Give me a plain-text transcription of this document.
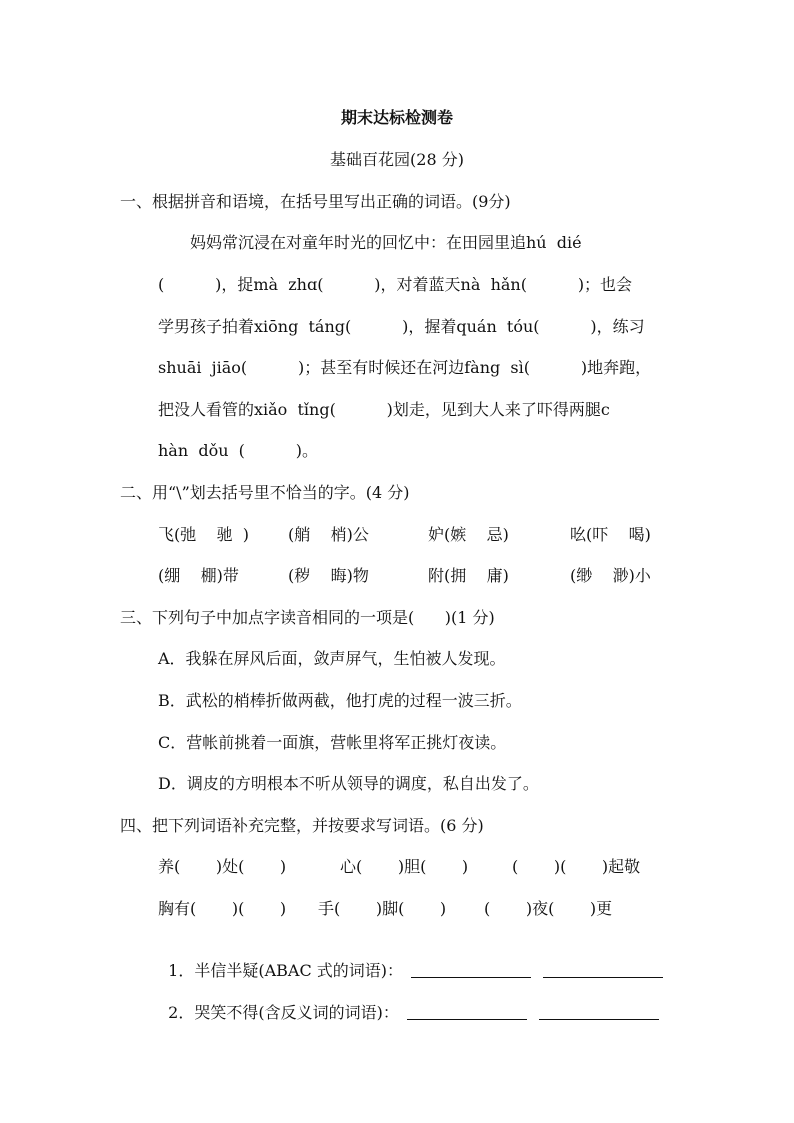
期末达标检测卷
基础百花园(28 分)
一、根据拼音和语境，在括号里写出正确的词语。(9分)
妈妈常沉浸在对童年时光的回忆中：在田园里追hú  dié
(          )，捉mà  zhɑ(          )，对着蓝天nà  hǎn(          )；也会
学男孩子拍着xiōng  táng(          )，握着quán  tóu(          )，练习
shuāi  jiāo(          )；甚至有时候还在河边fàng  sì(          )地奔跑，
把没人看管的xiǎo  tǐng(          )划走，见到大人来了吓得两腿c
hàn  dǒu  (          )。
二、用“\”划去括号里不恰当的字。(4 分)
飞(弛    驰  ) (艄    梢)公	妒(嫉    忌)	吆(吓    喝)
(绷    棚)带	(秽    晦)物	附(拥    庸)	(缈    渺)小
三、下列句子中加点字读音相同的一项是(      )(1 分)
A．我躲在屏风后面，敛声屏气，生怕被人发现。
B．武松的梢棒折做两截，他打虎的过程一波三折。
C．营帐前挑着一面旗，营帐里将军正挑灯夜读。
D．调皮的方明根本不听从领导的调度，私自出发了。
四、把下列词语补充完整，并按要求写词语。(6 分)
养(       )处(       )	心(       )胆(       )	(       )(       )起敬
胸有(       )(       ) 手(       )脚(       ) (       )夜(       )更

1．半信半疑(ABAC 式的词语)：

2．哭笑不得(含反义词的词语)：
